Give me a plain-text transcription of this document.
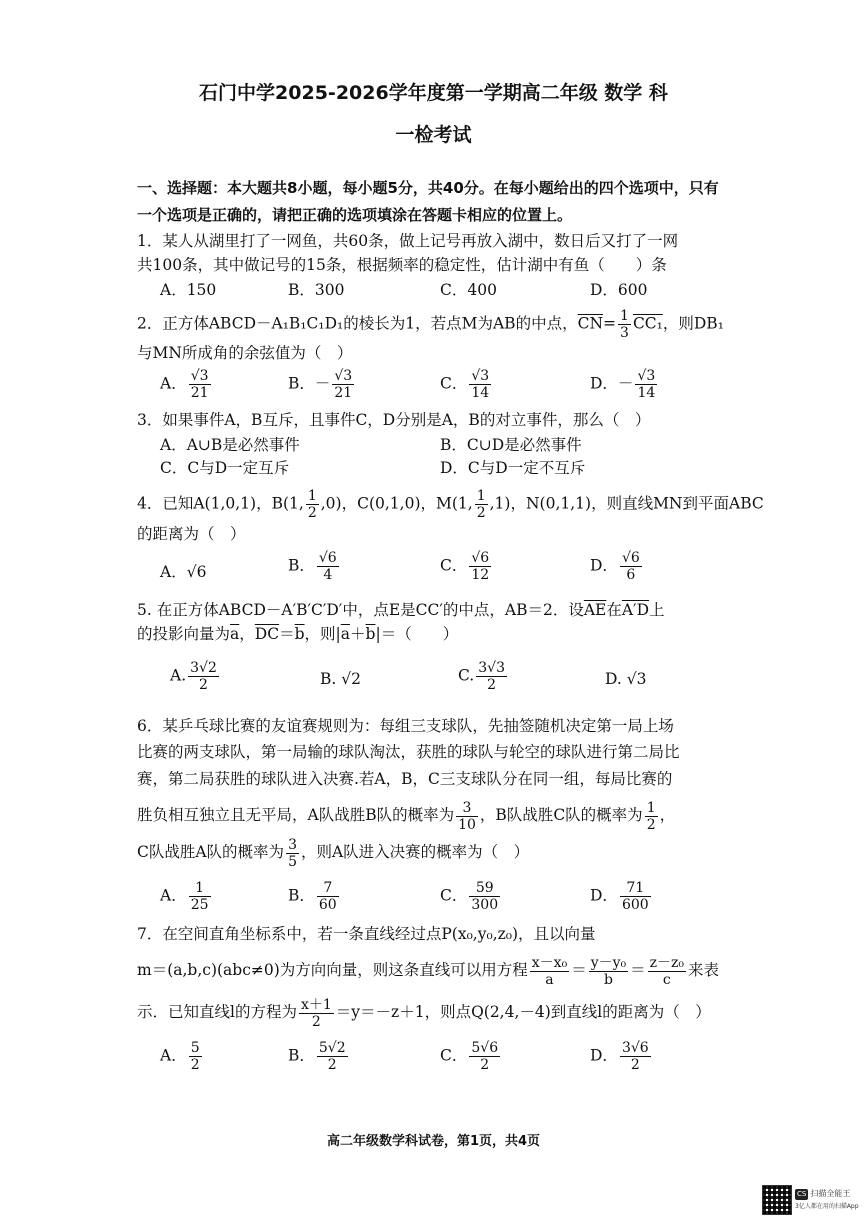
石门中学2025-2026学年度第一学期高二年级 数学 科
一检考试
一、选择题：本大题共8小题，每小题5分，共40分。在每小题给出的四个选项中，只有
一个选项是正确的，请把正确的选项填涂在答题卡相应的位置上。
1．某人从湖里打了一网鱼，共60条，做上记号再放入湖中，数日后又打了一网
共100条，其中做记号的15条，根据频率的稳定性，估计湖中有鱼（　　）条
A．150	B．300	C．400	D．600
2．正方体ABCD－A₁B₁C₁D₁的棱长为1，若点M为AB的中点，$\overline{CN}= \frac{1}{3} CC_1$，则DB₁
与MN所成角的余弦值为（　）
A． $\frac{√3}{21}$	B．－ $\frac{√3}{21}$	C． $\frac{√3}{14}$	D．－ $\frac{√3}{14}$
3．如果事件A，B互斥，且事件C，D分别是A，B的对立事件，那么（　）
A．A∪B是必然事件	B．C∪D是必然事件
C．C与D一定互斥	D．C与D一定不互斥
4．已知A(1,0,1)，B(1, $\frac{1}{2} ,0$)，C(0,1,0)，M(1, $\frac{1}{2} ,1$)，N(0,1,1)，则直线MN到平面ABC
的距离为（　）
A．√6	B． $\frac{√6}{4}$	C． $\frac{√6}{12}$	D． $\frac{√6}{6}$
5. 在正方体ABCD－A′B′C′D′中，点E是CC′的中点，AB＝2．设$\overline{AE}$在A′D上
的投影向量为$\overline{a}$，$\overline{DC}=\overline{b}$，则$|\overline{a}+\overline{b}|=$（　　）
A. $\frac{3√2}{2}$	B. √2	C. $\frac{3√3}{2}$	D. √3
6．某乒乓球比赛的友谊赛规则为：每组三支球队，先抽签随机决定第一局上场
比赛的两支球队，第一局输的球队淘汰，获胜的球队与轮空的球队进行第二局比
赛，第二局获胜的球队进入决赛.若A，B，C三支球队分在同一组，每局比赛的
胜负相互独立且无平局，A队战胜B队的概率为 $\frac{3}{10}$ ，B队战胜C队的概率为 $\frac{1}{2}$ ，
C队战胜A队的概率为 $\frac{3}{5}$ ，则A队进入决赛的概率为（　）
A． $\frac{1}{25}$	B． $\frac{7}{60}$	C． $\frac{59}{300}$	D． $\frac{71}{600}$
7．在空间直角坐标系中，若一条直线经过点P(x₀,y₀,z₀)，且以向量
m＝(a,b,c)(abc≠0)为方向向量，则这条直线可以用方程 $\frac{\text{x－x₀}}{a} = \frac{\text{y－y₀}}{b} = \frac{\text{z－z₀}}{c}$ 来表
示．已知直线l的方程为 $\frac{x+1}{2} =y=-z+1$，则点Q(2,4,－4)到直线l的距离为（　）
A． $\frac{5}{2}$	B． $\frac{5√2}{2}$	C． $\frac{5√6}{2}$	D． $\frac{3√6}{2}$
高二年级数学科试卷，第1页，共4页
CS 扫描全能王
3亿人都在用的扫描App
